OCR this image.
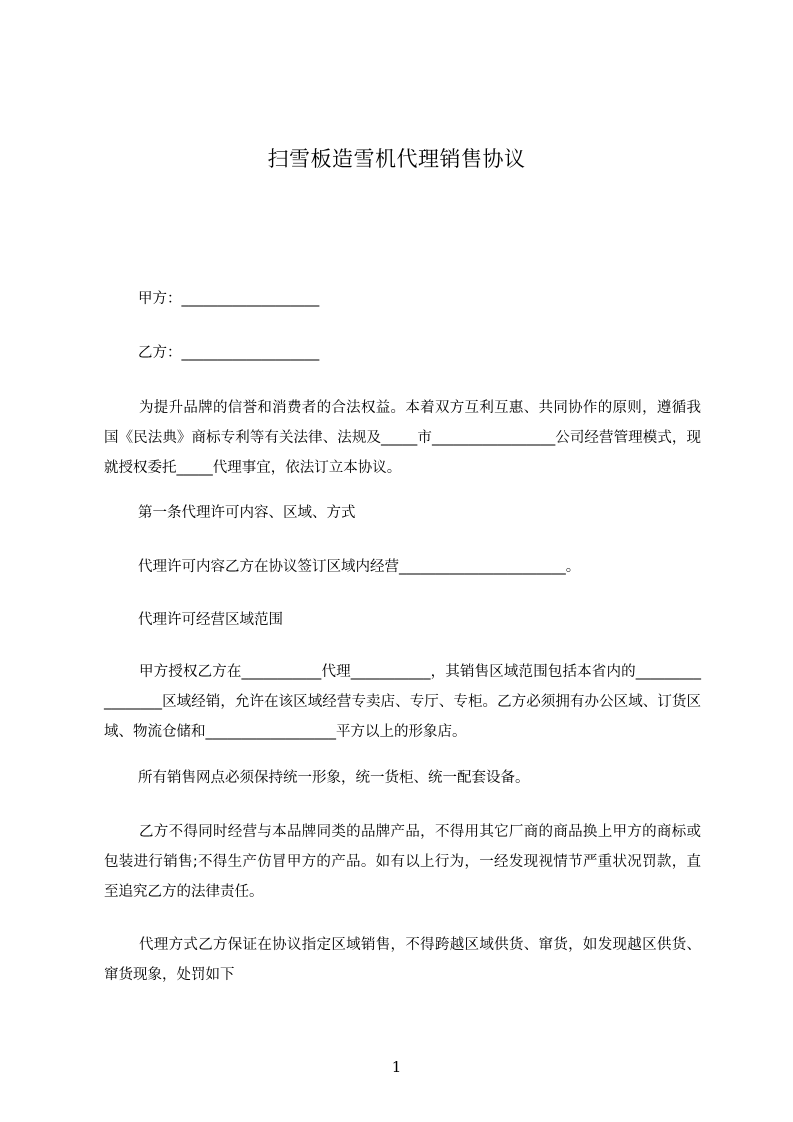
扫雪板造雪机代理销售协议

甲方：___________________

乙方：___________________

为提升品牌的信誉和消费者的合法权益。本着双方互利互惠、共同协作的原则，遵循我国《民法典》商标专利等有关法律、法规及_____市_________________公司经营管理模式，现就授权委托_____代理事宜，依法订立本协议。

第一条代理许可内容、区域、方式

代理许可内容乙方在协议签订区域内经营_______________________。

代理许可经营区域范围

甲方授权乙方在___________代理___________，其销售区域范围包括本省内的_________________区域经销，允许在该区域经营专卖店、专厅、专柜。乙方必须拥有办公区域、订货区域、物流仓储和__________________平方以上的形象店。

所有销售网点必须保持统一形象，统一货柜、统一配套设备。

乙方不得同时经营与本品牌同类的品牌产品，不得用其它厂商的商品换上甲方的商标或包装进行销售;不得生产仿冒甲方的产品。如有以上行为，一经发现视情节严重状况罚款，直至追究乙方的法律责任。

代理方式乙方保证在协议指定区域销售，不得跨越区域供货、窜货，如发现越区供货、窜货现象，处罚如下

1
